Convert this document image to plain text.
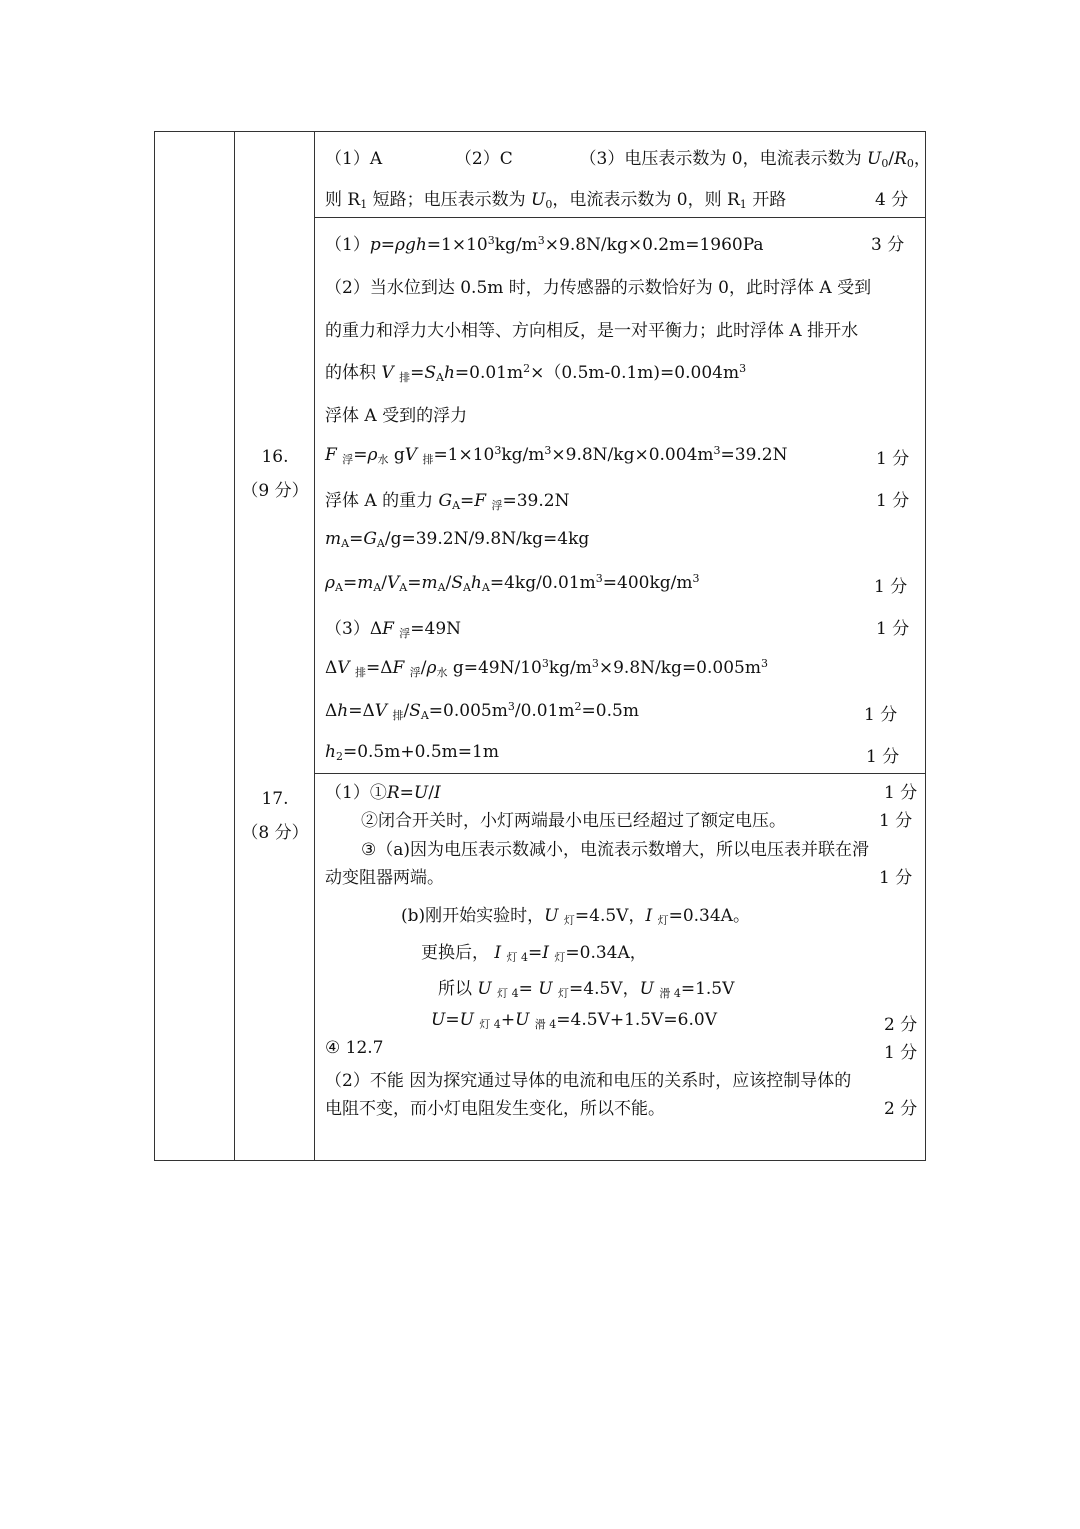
（1）A	（2）C	（3）电压表示数为 0，电流表示数为 $U_0/R_0$，
则 $R_1$ 短路；电压表示数为 $U_0$，电流表示数为 0，则 $R_1$ 开路	4 分
16.
（9 分）
$(1)p=\rho gh=1\times 10^3kg/m^3\times 9.8N/kg\times 0.2m=1960Pa$	3 分
（2）当水位到达 0.5m 时，力传感器的示数恰好为 0，此时浮体 A 受到
的重力和浮力大小相等、方向相反，是一对平衡力；此时浮体 A 排开水
的体积 V $_排=S_Ah=0.01m^2\times(0.5m-0.1m)=0.004m^3$
浮体 A 受到的浮力
F $_浮=\rho_水$ gV $_排=1\times 10^3kg/m^3\times 9.8N/kg\times 0.004m^3=39.2N$	1 分
浮体 A 的重力 $G_A=F$ $_浮$=39.2N	1 分
$m_A=G_A/g=39.2N/9.8N/kg=4kg$
$\rho_A=m_A/V_A=m_A/S_Ah_A=4kg/0.01m^3=400kg/m^3$	1 分
（3）ΔF $_浮$=49N	1 分
ΔV $_排$=ΔF $_浮/\rho_水$ $g=49N/10^3kg/m^3\times 9.8N/kg=0.005m^3$
Δh=ΔV $_排/S_A=0.005m^3/0.01m^2=0.5m$	1 分
$h_2=0.5m+0.5m=1m$	1 分
17.
（8 分）
（1）①R=U/I	1 分
②闭合开关时，小灯两端最小电压已经超过了额定电压。	1 分
③（a)因为电压表示数减小，电流表示数增大，所以电压表并联在滑
动变阻器两端。	1 分
(b)刚开始实验时，U $_灯$=4.5V，I $_灯$=0.34A。
更换后， I $_{灯 4}$=I $_灯$=0.34A，
所以 U $_{灯 4}$= U $_灯$=4.5V，U $_{滑 4}$=1.5V
U=U $_{灯 4}$+U $_{滑 4}$=4.5V+1.5V=6.0V	2 分
④ 12.7	1 分
（2）不能 因为探究通过导体的电流和电压的关系时，应该控制导体的
电阻不变，而小灯电阻发生变化，所以不能。	2 分
